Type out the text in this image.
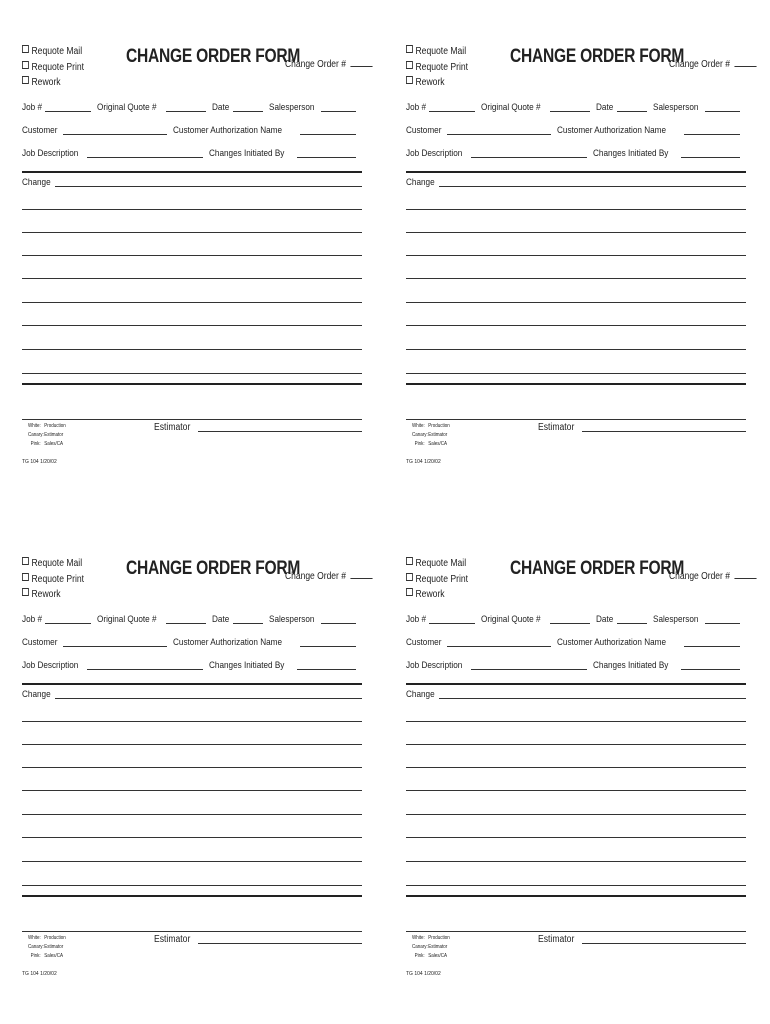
Requote Mail
Requote Print
Rework
CHANGE ORDER FORM
Change Order #
Job #	Original Quote #	Date	Salesperson
Customer	Customer Authorization Name
Job Description	Changes Initiated By
Change
White: Production
Canary:Estimator
Pink: Sales/CA
Estimator
TG 104 1/20/02
Requote Mail
Requote Print
Rework
CHANGE ORDER FORM
Change Order #
Job #	Original Quote #	Date	Salesperson
Customer	Customer Authorization Name
Job Description	Changes Initiated By
Change
White: Production
Canary:Estimator
Pink: Sales/CA
Estimator
TG 104 1/20/02
Requote Mail
Requote Print
Rework
CHANGE ORDER FORM
Change Order #
Job #	Original Quote #	Date	Salesperson
Customer	Customer Authorization Name
Job Description	Changes Initiated By
Change
White: Production
Canary:Estimator
Pink: Sales/CA
Estimator
TG 104 1/20/02
Requote Mail
Requote Print
Rework
CHANGE ORDER FORM
Change Order #
Job #	Original Quote #	Date	Salesperson
Customer	Customer Authorization Name
Job Description	Changes Initiated By
Change
White: Production
Canary:Estimator
Pink: Sales/CA
Estimator
TG 104 1/20/02
